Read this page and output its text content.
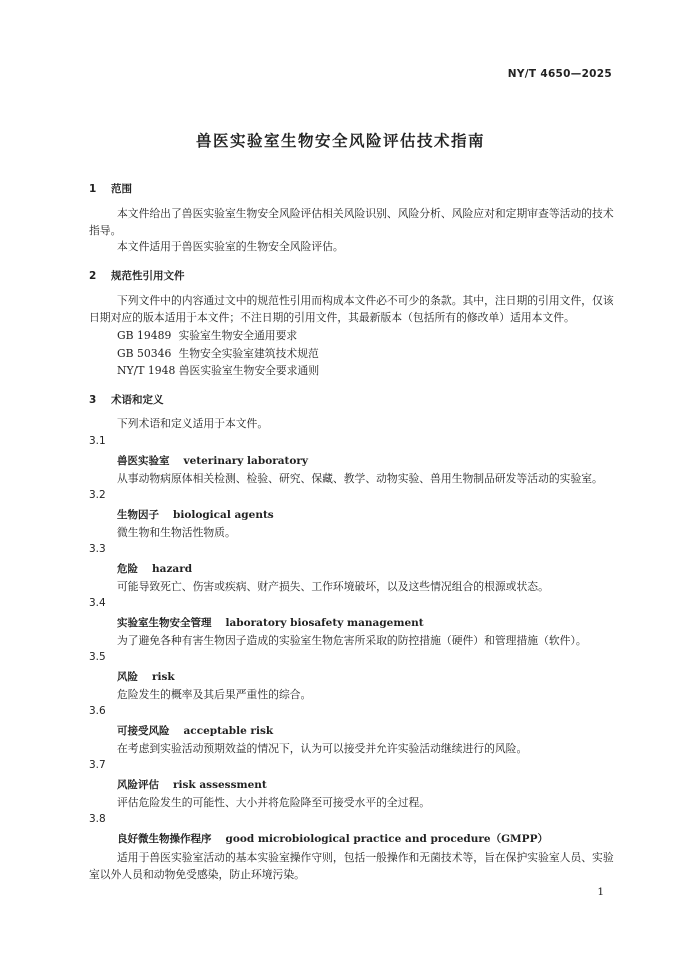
NY/T 4650—2025
兽医实验室生物安全风险评估技术指南
1 范围
本文件给出了兽医实验室生物安全风险评估相关风险识别、风险分析、风险应对和定期审查等活动的技术指导。
本文件适用于兽医实验室的生物安全风险评估。
2 规范性引用文件
下列文件中的内容通过文中的规范性引用而构成本文件必不可少的条款。其中，注日期的引用文件，仅该日期对应的版本适用于本文件；不注日期的引用文件，其最新版本（包括所有的修改单）适用本文件。
GB 19489 实验室生物安全通用要求
GB 50346 生物安全实验室建筑技术规范
NY/T 1948 兽医实验室生物安全要求通则
3 术语和定义
下列术语和定义适用于本文件。
3.1
兽医实验室 veterinary laboratory
从事动物病原体相关检测、检验、研究、保藏、教学、动物实验、兽用生物制品研发等活动的实验室。
3.2
生物因子 biological agents
微生物和生物活性物质。
3.3
危险 hazard
可能导致死亡、伤害或疾病、财产损失、工作环境破坏，以及这些情况组合的根源或状态。
3.4
实验室生物安全管理 laboratory biosafety management
为了避免各种有害生物因子造成的实验室生物危害所采取的防控措施（硬件）和管理措施（软件）。
3.5
风险 risk
危险发生的概率及其后果严重性的综合。
3.6
可接受风险 acceptable risk
在考虑到实验活动预期效益的情况下，认为可以接受并允许实验活动继续进行的风险。
3.7
风险评估 risk assessment
评估危险发生的可能性、大小并将危险降至可接受水平的全过程。
3.8
良好微生物操作程序 good microbiological practice and procedure（GMPP）
适用于兽医实验室活动的基本实验室操作守则，包括一般操作和无菌技术等，旨在保护实验室人员、实验室以外人员和动物免受感染，防止环境污染。
1
